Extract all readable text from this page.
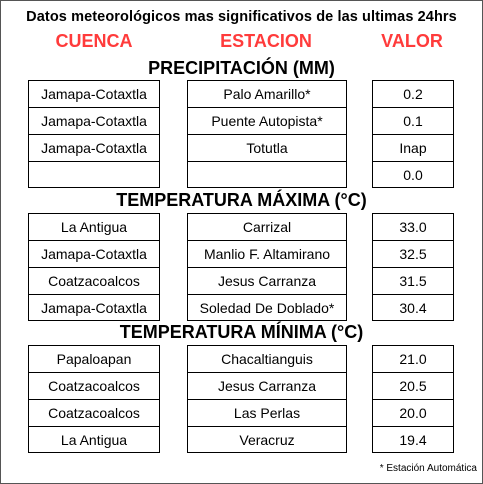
Datos meteorológicos mas significativos de las ultimas 24hrs
CUENCA	ESTACION	VALOR
PRECIPITACIÓN (MM)
Jamapa-Cotaxtla
Jamapa-Cotaxtla
Jamapa-Cotaxtla
Palo Amarillo*
Puente Autopista*
Totutla
0.2
0.1
Inap
0.0
TEMPERATURA MÁXIMA (°C)
La Antigua
Jamapa-Cotaxtla
Coatzacoalcos
Jamapa-Cotaxtla
Carrizal
Manlio F. Altamirano
Jesus Carranza
Soledad De Doblado*
33.0
32.5
31.5
30.4
TEMPERATURA MÍNIMA (°C)
Papaloapan
Coatzacoalcos
Coatzacoalcos
La Antigua
Chacaltianguis
Jesus Carranza
Las Perlas
Veracruz
21.0
20.5
20.0
19.4
* Estación Automática
